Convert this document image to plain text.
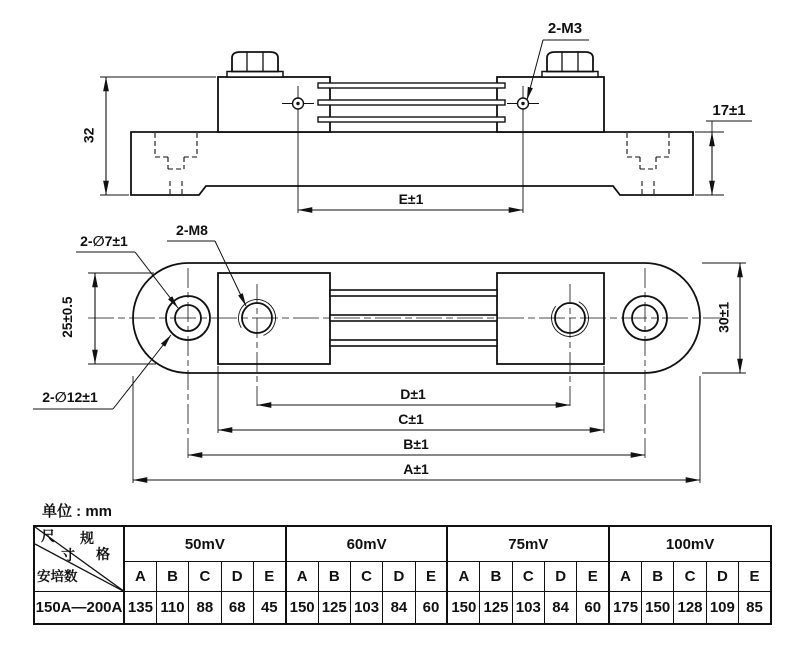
2-M3
32
17±1
E±1
2-∅7±1
2-M8
2-∅12±1
25±0.5	30±1
D±1
C±1
B±1
A±1
单位 : mm
尺 规
寸 格
安培数	50mV					60mV					75mV					100mV				
	A	B	C	D	E	A	B	C	D	E	A	B	C	D	E	A	B	C	D	E
150A—200A	135	110	88	68	45	150	125	103	84	60	150	125	103	84	60	175	150	128	109	85
